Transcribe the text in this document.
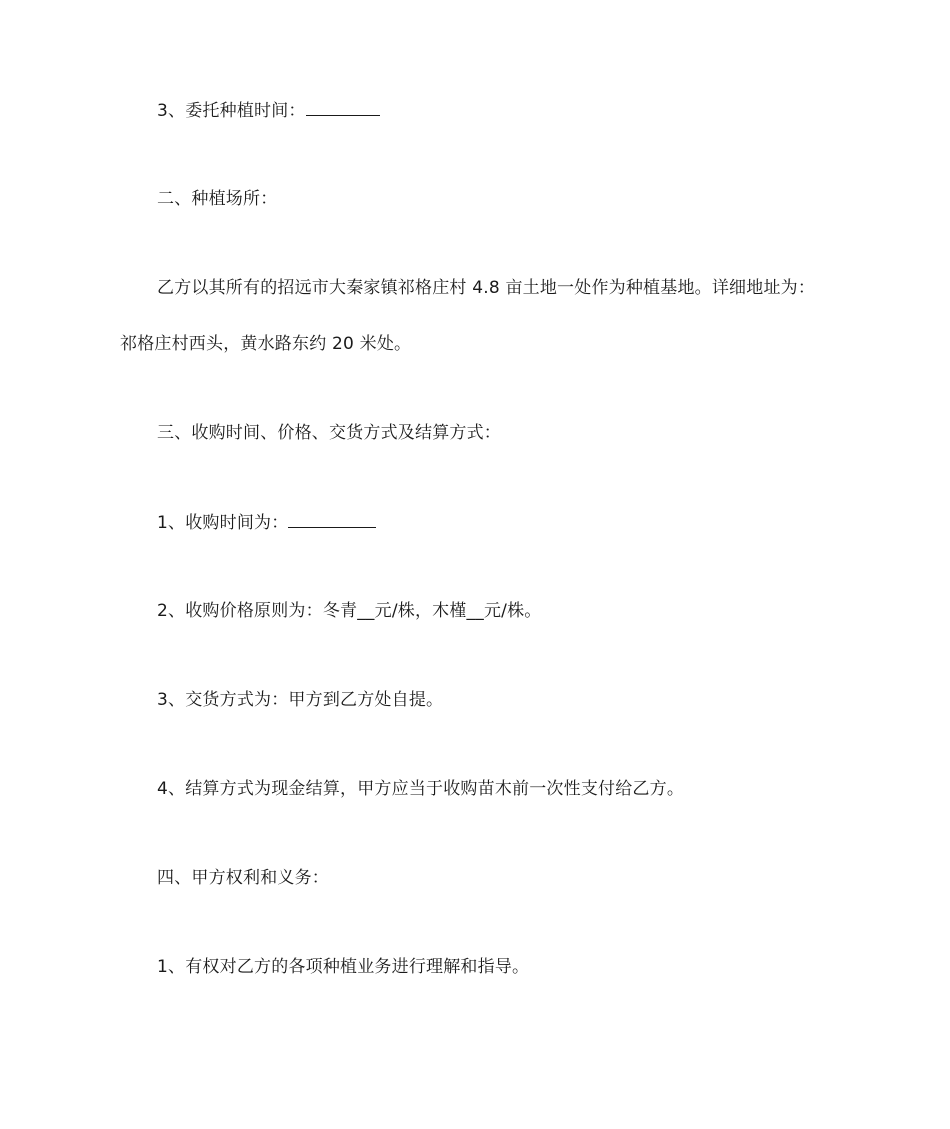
3、委托种植时间：
二、种植场所：
乙方以其所有的招远市大秦家镇祁格庄村 4.8 亩土地一处作为种植基地。详细地址为：
祁格庄村西头，黄水路东约 20 米处。
三、收购时间、价格、交货方式及结算方式：
1、收购时间为：
2、收购价格原则为：冬青__元/株，木槿__元/株。
3、交货方式为：甲方到乙方处自提。
4、结算方式为现金结算，甲方应当于收购苗木前一次性支付给乙方。
四、甲方权利和义务：
1、有权对乙方的各项种植业务进行理解和指导。
